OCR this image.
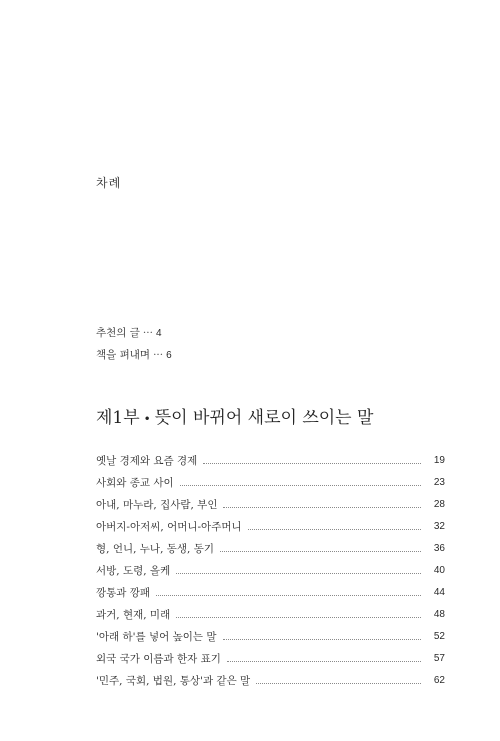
차례
추천의 글 ··· 4
책을 펴내며 ··· 6
제1부 • 뜻이 바뀌어 새로이 쓰이는 말
옛날 경제와 요즘 경제	19
사회와 종교 사이	23
아내, 마누라, 집사람, 부인	28
아버지-아저씨, 어머니-아주머니	32
형, 언니, 누나, 동생, 동기	36
서방, 도령, 올케	40
깡통과 깡패	44
과거, 현재, 미래	48
'아래 하'를 넣어 높이는 말	52
외국 국가 이름과 한자 표기	57
'민주, 국회, 법원, 통상'과 같은 말	62
